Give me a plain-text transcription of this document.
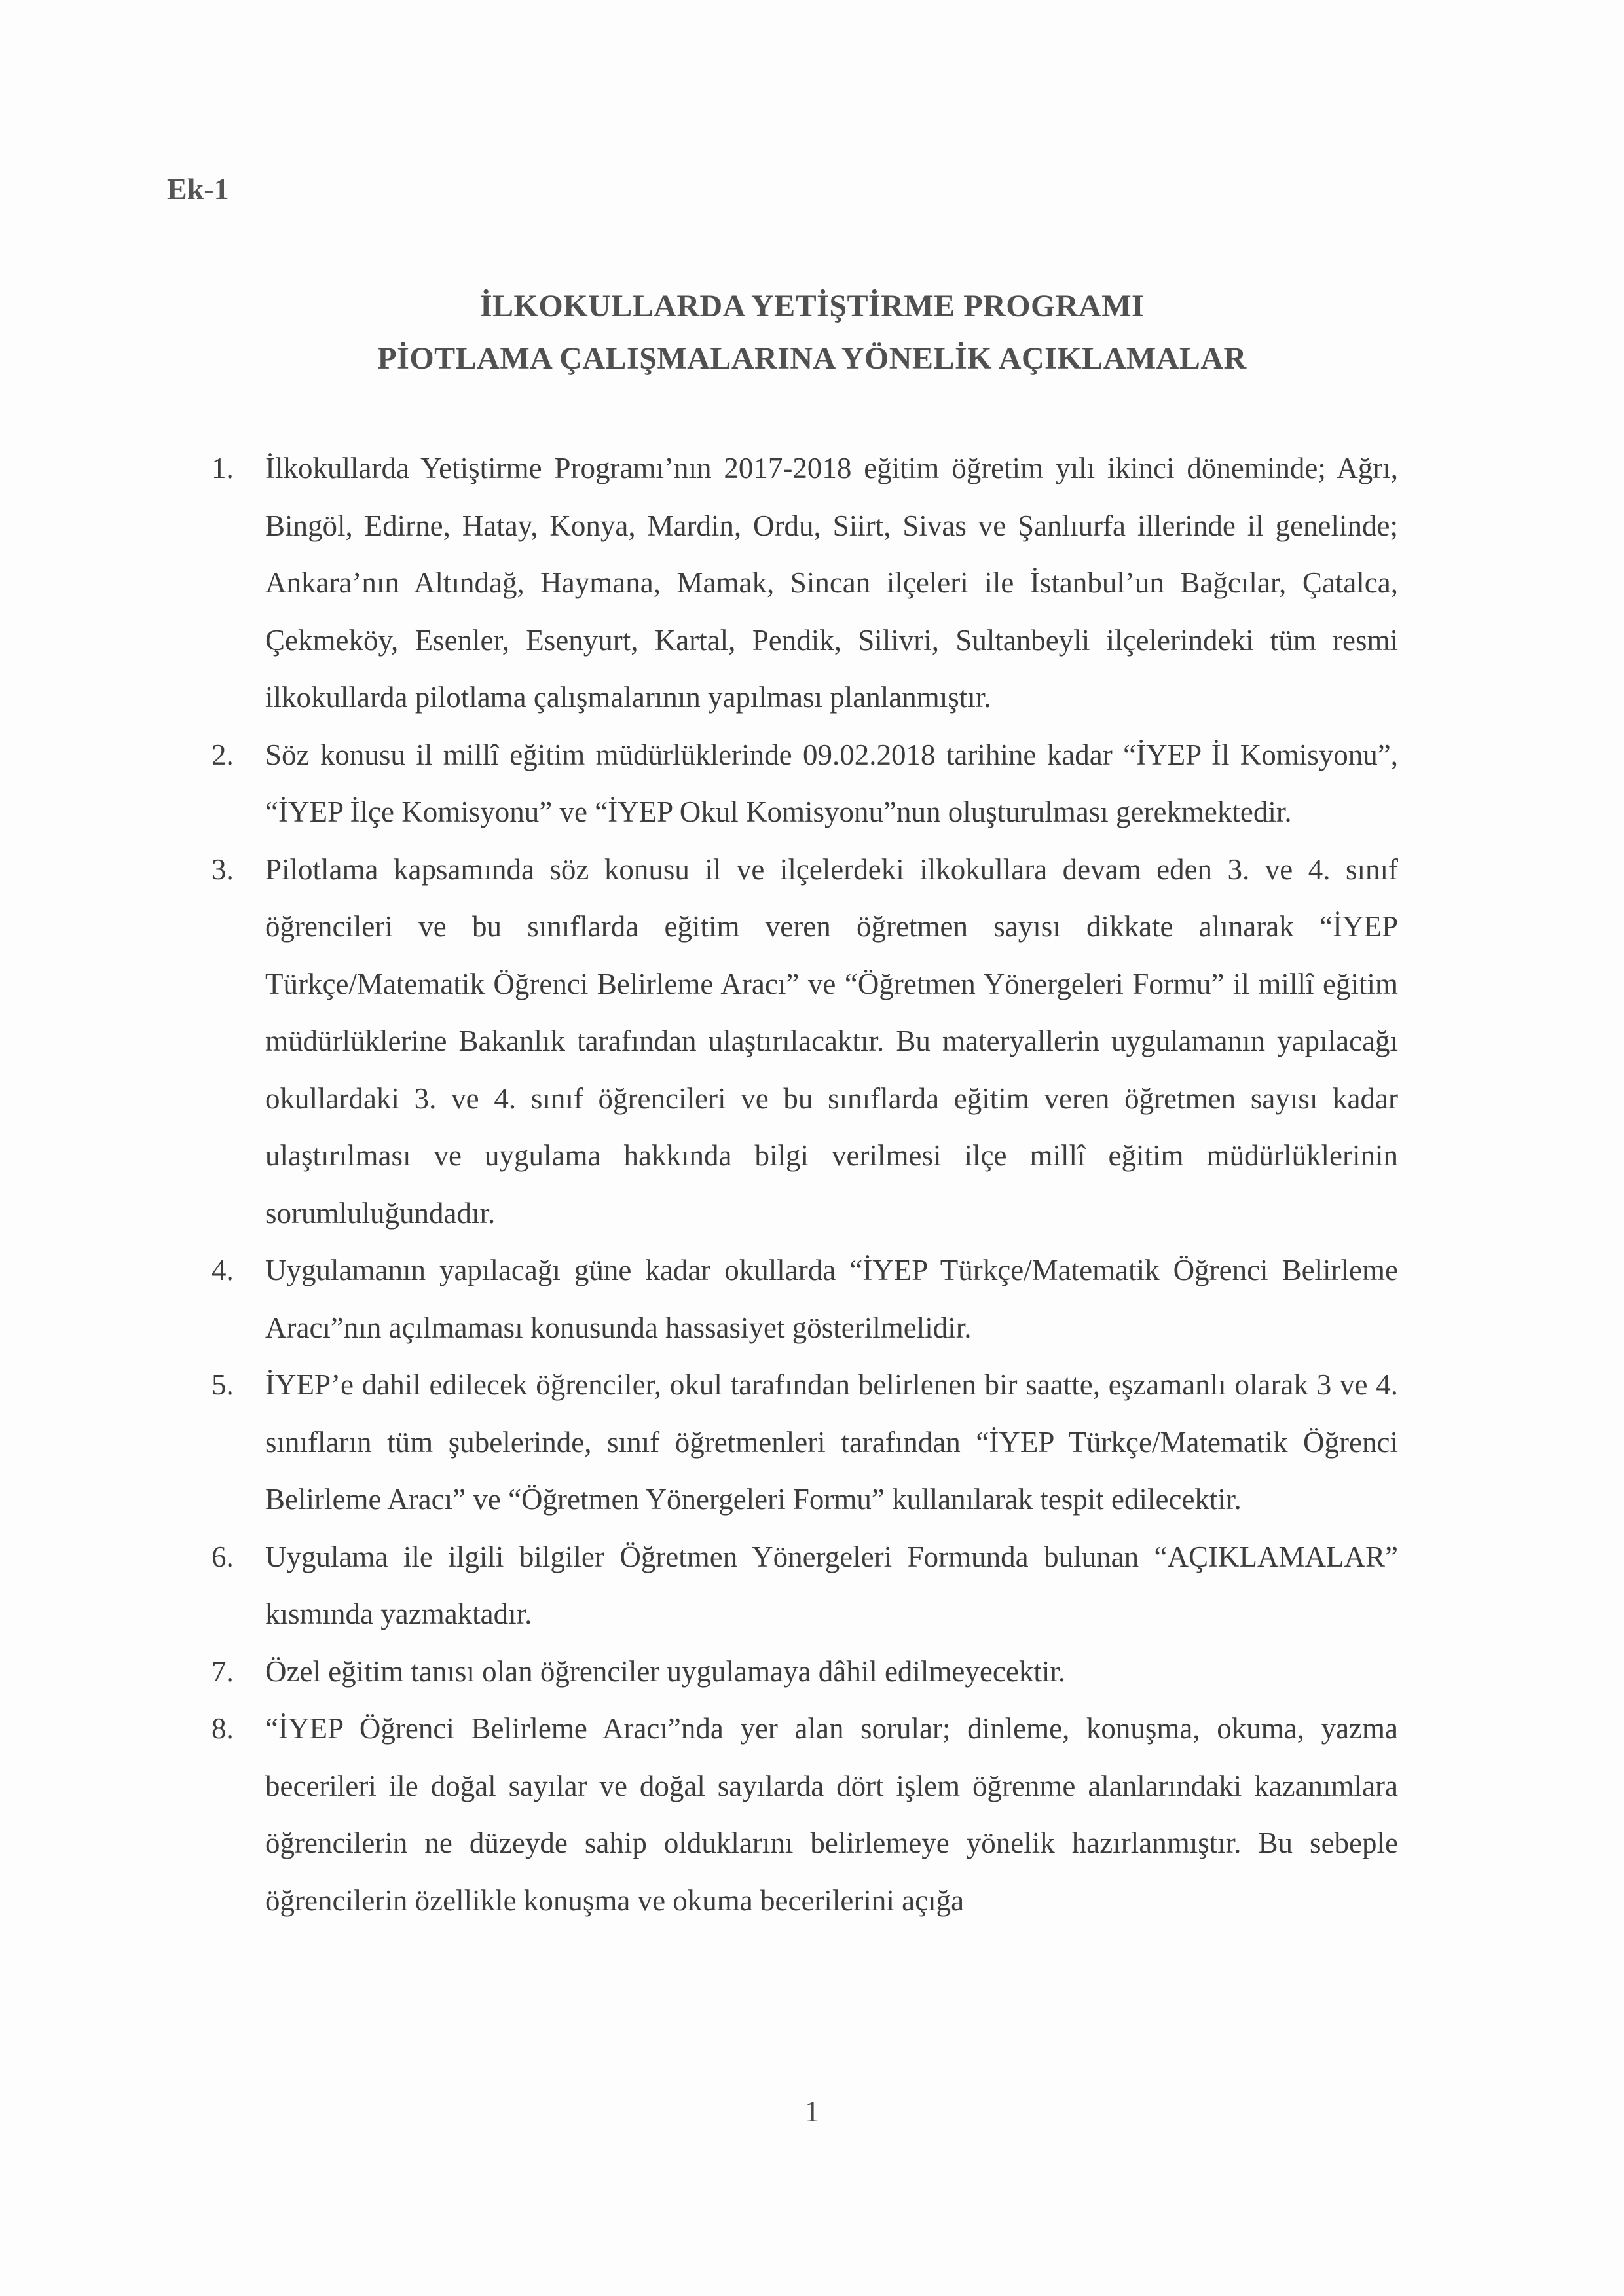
Ek-1

İLKOKULLARDA YETİŞTİRME PROGRAMI
PİOTLAMA ÇALIŞMALARINA YÖNELİK AÇIKLAMALAR
1. İlkokullarda Yetiştirme Programı’nın 2017-2018 eğitim öğretim yılı ikinci döneminde; Ağrı, Bingöl, Edirne, Hatay, Konya, Mardin, Ordu, Siirt, Sivas ve Şanlıurfa illerinde il genelinde; Ankara’nın Altındağ, Haymana, Mamak, Sincan ilçeleri ile İstanbul’un Bağcılar, Çatalca, Çekmeköy, Esenler, Esenyurt, Kartal, Pendik, Silivri, Sultanbeyli ilçelerindeki tüm resmi ilkokullarda pilotlama çalışmalarının yapılması planlanmıştır.
2. Söz konusu il millî eğitim müdürlüklerinde 09.02.2018 tarihine kadar “İYEP İl Komisyonu”, “İYEP İlçe Komisyonu” ve “İYEP Okul Komisyonu”nun oluşturulması gerekmektedir.
3. Pilotlama kapsamında söz konusu il ve ilçelerdeki ilkokullara devam eden 3. ve 4. sınıf öğrencileri ve bu sınıflarda eğitim veren öğretmen sayısı dikkate alınarak “İYEP Türkçe/Matematik Öğrenci Belirleme Aracı” ve “Öğretmen Yönergeleri Formu” il millî eğitim müdürlüklerine Bakanlık tarafından ulaştırılacaktır. Bu materyallerin uygulamanın yapılacağı okullardaki 3. ve 4. sınıf öğrencileri ve bu sınıflarda eğitim veren öğretmen sayısı kadar ulaştırılması ve uygulama hakkında bilgi verilmesi ilçe millî eğitim müdürlüklerinin sorumluluğundadır.
4. Uygulamanın yapılacağı güne kadar okullarda “İYEP Türkçe/Matematik Öğrenci Belirleme Aracı”nın açılmaması konusunda hassasiyet gösterilmelidir.
5. İYEP’e dahil edilecek öğrenciler, okul tarafından belirlenen bir saatte, eşzamanlı olarak 3 ve 4. sınıfların tüm şubelerinde, sınıf öğretmenleri tarafından “İYEP Türkçe/Matematik Öğrenci Belirleme Aracı” ve “Öğretmen Yönergeleri Formu” kullanılarak tespit edilecektir.
6. Uygulama ile ilgili bilgiler Öğretmen Yönergeleri Formunda bulunan “AÇIKLAMALAR” kısmında yazmaktadır.
7. Özel eğitim tanısı olan öğrenciler uygulamaya dâhil edilmeyecektir.
8. “İYEP Öğrenci Belirleme Aracı”nda yer alan sorular; dinleme, konuşma, okuma, yazma becerileri ile doğal sayılar ve doğal sayılarda dört işlem öğrenme alanlarındaki kazanımlara öğrencilerin ne düzeyde sahip olduklarını belirlemeye yönelik hazırlanmıştır. Bu sebeple öğrencilerin özellikle konuşma ve okuma becerilerini açığa
1
